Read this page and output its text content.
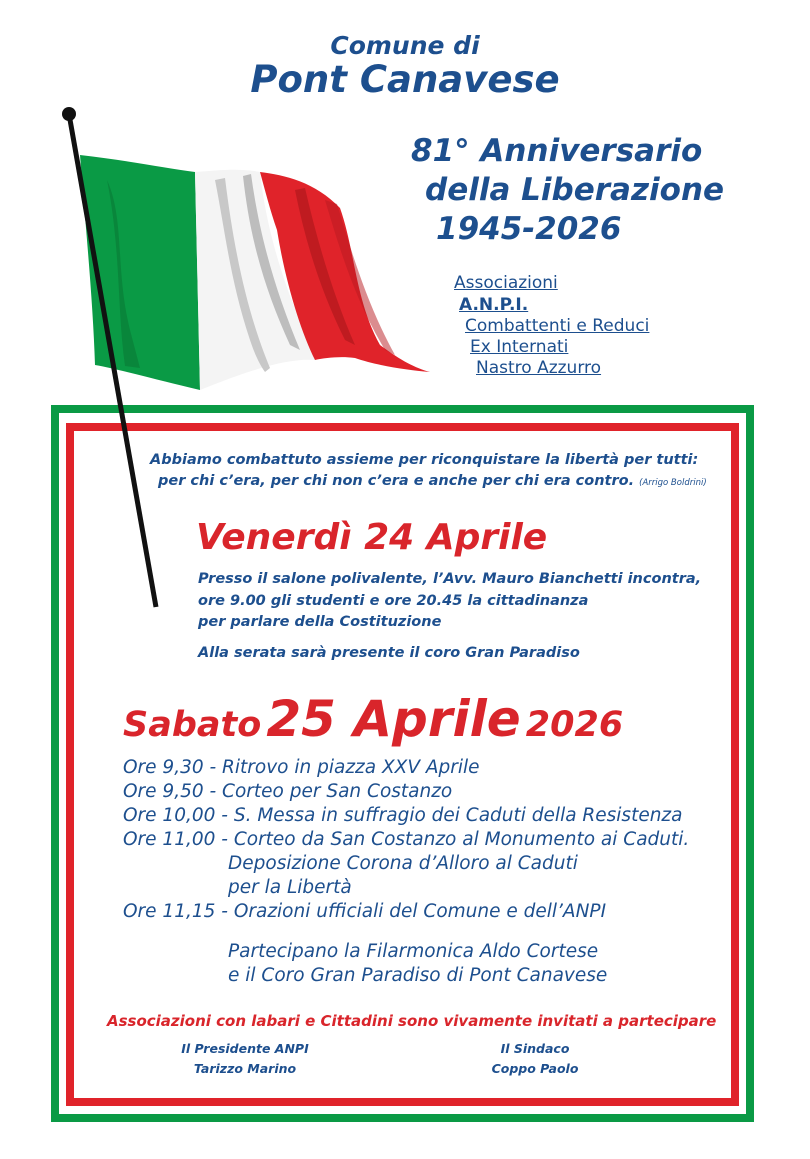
Comune di
Pont Canavese
81° Anniversario
della Liberazione
1945-2026
Associazioni
A.N.P.I.
Combattenti e Reduci
Ex Internati
Nastro Azzurro
Abbiamo combattuto assieme per riconquistare la libertà per tutti:
per chi c’era, per chi non c’era e anche per chi era contro. (Arrigo Boldrini)
Venerdì 24 Aprile
Presso il salone polivalente, l’Avv. Mauro Bianchetti incontra,
ore 9.00 gli studenti e ore 20.45 la cittadinanza
per parlare della Costituzione
Alla serata sarà presente il coro Gran Paradiso
Sabato 25 Aprile 2026
Ore 9,30 - Ritrovo in piazza XXV Aprile
Ore 9,50 - Corteo per San Costanzo
Ore 10,00 - S. Messa in suffragio dei Caduti della Resistenza
Ore 11,00 - Corteo da San Costanzo al Monumento ai Caduti.
Deposizione Corona d’Alloro al Caduti
per la Libertà
Ore 11,15 - Orazioni ufficiali del Comune e dell’ANPI
Partecipano la Filarmonica Aldo Cortese
e il Coro Gran Paradiso di Pont Canavese
Associazioni con labari e Cittadini sono vivamente invitati a partecipare
Il Presidente ANPI
Tarizzo Marino
Il Sindaco
Coppo Paolo
